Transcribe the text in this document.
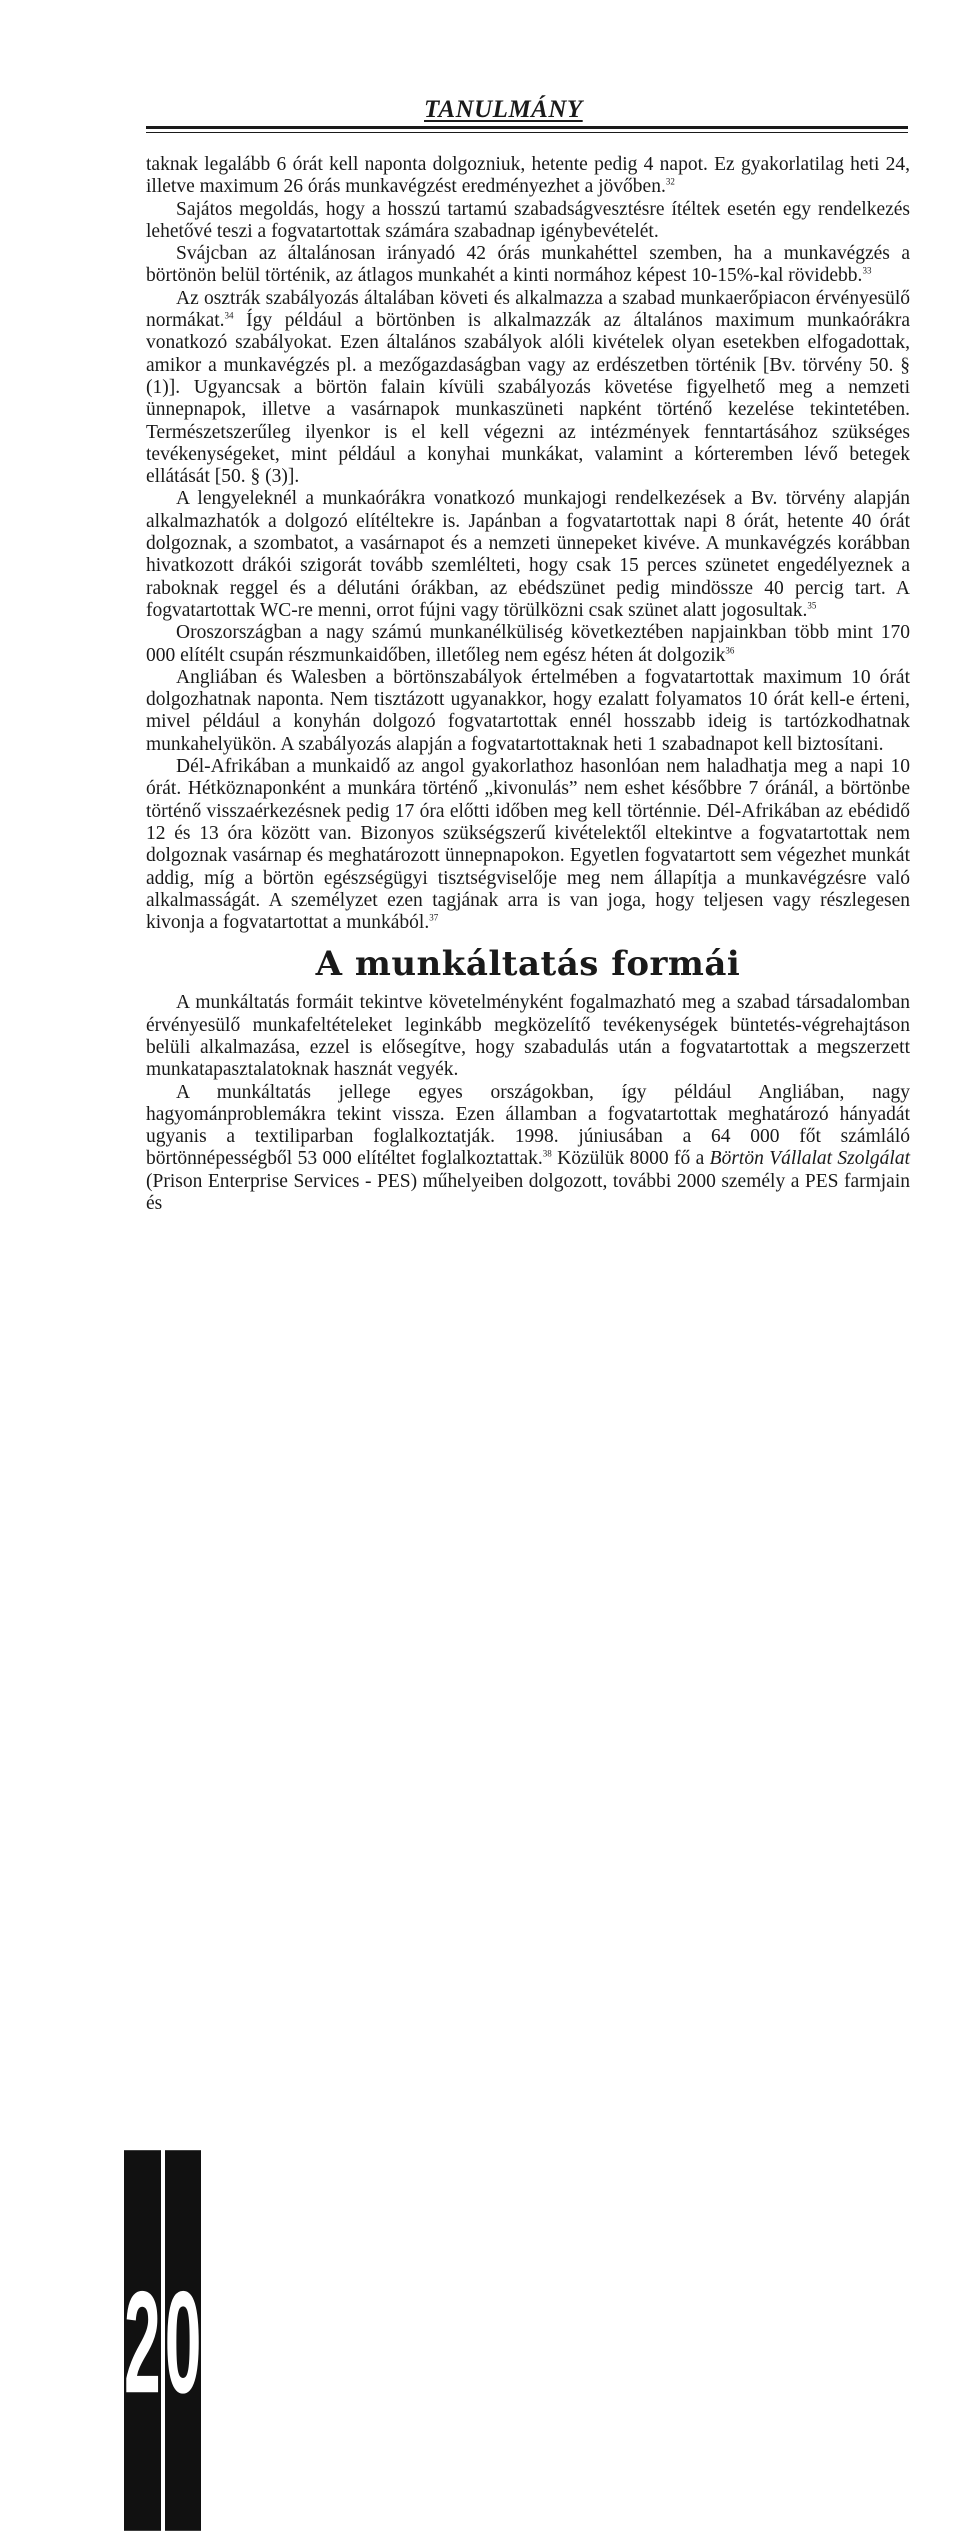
TANULMÁNY

taknak legalább 6 órát kell naponta dolgozniuk, hetente pedig 4 napot. Ez gyakorlatilag heti 24, illetve maximum 26 órás munkavégzést eredményezhet a jövőben.$^{32}$

Sajátos megoldás, hogy a hosszú tartamú szabadságvesztésre ítéltek esetén egy rendelkezés lehetővé teszi a fogvatartottak számára szabadnap igénybevételét.

Svájcban az általánosan irányadó 42 órás munkahéttel szemben, ha a munkavégzés a börtönön belül történik, az átlagos munkahét a kinti normához képest 10-15%-kal rövidebb.$^{33}$

Az osztrák szabályozás általában követi és alkalmazza a szabad munkaerőpiacon érvényesülő normákat.$^{34}$ Így például a börtönben is alkalmazzák az általános maximum munkaórákra vonatkozó szabályokat. Ezen általános szabályok alóli kivételek olyan esetekben elfogadottak, amikor a munkavégzés pl. a mezőgazdaságban vagy az erdészetben történik [Bv. törvény 50. § (1)]. Ugyancsak a börtön falain kívüli szabályozás követése figyelhető meg a nemzeti ünnepnapok, illetve a vasárnapok munkaszüneti napként történő kezelése tekintetében. Természetszerűleg ilyenkor is el kell végezni az intézmények fenntartásához szükséges tevékenységeket, mint például a konyhai munkákat, valamint a kórteremben lévő betegek ellátását [50. § (3)].

A lengyeleknél a munkaórákra vonatkozó munkajogi rendelkezések a Bv. törvény alapján alkalmazhatók a dolgozó elítéltekre is. Japánban a fogvatartottak napi 8 órát, hetente 40 órát dolgoznak, a szombatot, a vasárnapot és a nemzeti ünnepeket kivéve. A munkavégzés korábban hivatkozott drákói szigorát tovább szemlélteti, hogy csak 15 perces szünetet engedélyeznek a raboknak reggel és a délutáni órákban, az ebédszünet pedig mindössze 40 percig tart. A fogvatartottak WC-re menni, orrot fújni vagy törülközni csak szünet alatt jogosultak.$^{35}$

Oroszországban a nagy számú munkanélküliség következtében napjainkban több mint 170 000 elítélt csupán részmunkaidőben, illetőleg nem egész héten át dolgozik$^{36}$

Angliában és Walesben a börtönszabályok értelmében a fogvatartottak maximum 10 órát dolgozhatnak naponta. Nem tisztázott ugyanakkor, hogy ezalatt folyamatos 10 órát kell-e érteni, mivel például a konyhán dolgozó fogvatartottak ennél hosszabb ideig is tartózkodhatnak munkahelyükön. A szabályozás alapján a fogvatartottaknak heti 1 szabadnapot kell biztosítani.

Dél-Afrikában a munkaidő az angol gyakorlathoz hasonlóan nem haladhatja meg a napi 10 órát. Hétköznaponként a munkára történő „kivonulás” nem eshet későbbre 7 óránál, a börtönbe történő visszaérkezésnek pedig 17 óra előtti időben meg kell történnie. Dél-Afrikában az ebédidő 12 és 13 óra között van. Bizonyos szükségszerű kivételektől eltekintve a fogvatartottak nem dolgoznak vasárnap és meghatározott ünnepnapokon. Egyetlen fogvatartott sem végezhet munkát addig, míg a börtön egészségügyi tisztségviselője meg nem állapítja a munkavégzésre való alkalmasságát. A személyzet ezen tagjának arra is van joga, hogy teljesen vagy részlegesen kivonja a fogvatartottat a munkából.$^{37}$

A munkáltatás formái

A munkáltatás formáit tekintve követelményként fogalmazható meg a szabad társadalomban érvényesülő munkafeltételeket leginkább megközelítő tevékenységek büntetés-végrehajtáson belüli alkalmazása, ezzel is elősegítve, hogy szabadulás után a fogvatartottak a megszerzett munkatapasztalatoknak hasznát vegyék.

A munkáltatás jellege egyes országokban, így például Angliában, nagy hagyománproblemákra tekint vissza. Ezen államban a fogvatartottak meghatározó hányadát ugyanis a textiliparban foglalkoztatják. 1998. júniusában a 64 000 főt számláló börtönnépességből 53 000 elítéltet foglalkoztattak.$^{38}$ Közülük 8000 fő a Börtön Vállalat Szolgálat (Prison Enterprise Services - PES) műhelyeiben dolgozott, további 2000 személy a PES farmjain és

2 0
